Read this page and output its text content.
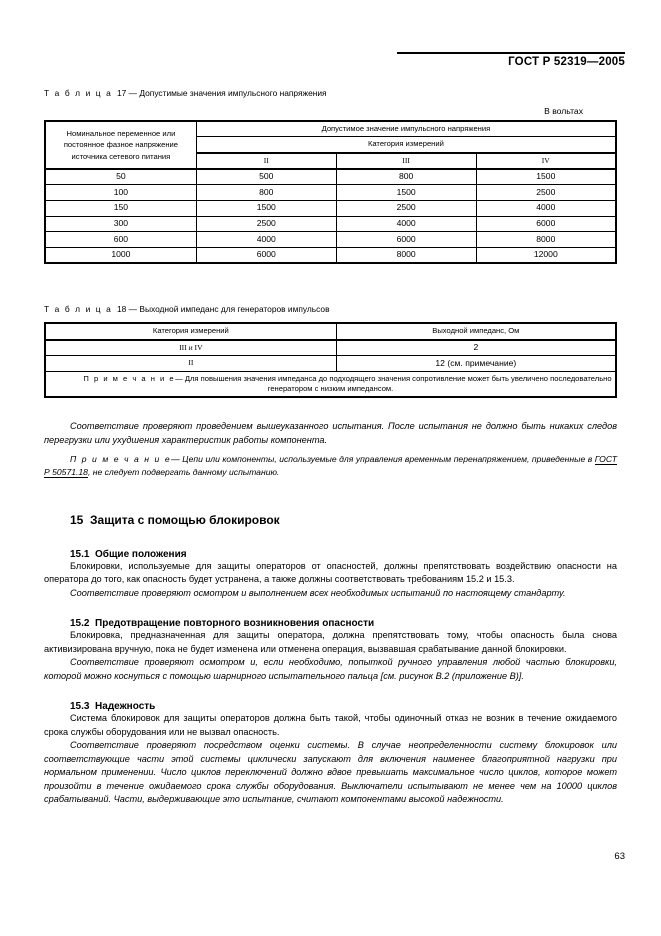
ГОСТ Р 52319—2005

Т а б л и ц а 17 — Допустимые значения импульсного напряжения

В вольтах

Номинальное переменное или постоянное фазное напряжение источника сетевого питания	Допустимое значение импульсного напряжения		
	Категория измерений		
	II	III	IV
50	500	800	1500
100	800	1500	2500
150	1500	2500	4000
300	2500	4000	6000
600	4000	6000	8000
1000	6000	8000	12000

Т а б л и ц а 18 — Выходной импеданс для генераторов импульсов

Категория измерений	Выходной импеданс, Ом
III и IV	2
II	12 (см. примечание)
П р и м е ч а н и е— Для повышения значения импеданса до подходящего значения сопротивление может быть увеличено последовательно генератором с низким импедансом.	

Соответствие проверяют проведением вышеуказанного испытания. После испытания не должно быть никаких следов перегрузки или ухудшения характеристик работы компонента.

П р и м е ч а н и е— Цепи или компоненты, используемые для управления временным перенапряжением, приведенные в ГОСТ Р 50571.18, не следует подвергать данному испытанию.

15 Защита с помощью блокировок
15.1 Общие положения

Блокировки, используемые для защиты операторов от опасностей, должны препятствовать воздействию опасности на оператора до того, как опасность будет устранена, а также должны соответствовать требованиям 15.2 и 15.3.

Соответствие проверяют осмотром и выполнением всех необходимых испытаний по настоящему стандарту.

15.2 Предотвращение повторного возникновения опасности

Блокировка, предназначенная для защиты оператора, должна препятствовать тому, чтобы опасность была снова активизирована вручную, пока не будет изменена или отменена операция, вызвавшая срабатывание данной блокировки.

Соответствие проверяют осмотром и, если необходимо, попыткой ручного управления любой частью блокировки, которой можно коснуться с помощью шарнирного испытательного пальца [см. рисунок В.2 (приложение В)].

15.3 Надежность

Система блокировок для защиты операторов должна быть такой, чтобы одиночный отказ не возник в течение ожидаемого срока службы оборудования или не вызвал опасность.

Соответствие проверяют посредством оценки системы. В случае неопределенности систему блокировок или соответствующие части этой системы циклически запускают для включения наименее благоприятной нагрузки при нормальном применении. Число циклов переключений должно вдвое превышать максимальное число циклов, которое может произойти в течение ожидаемого срока службы оборудования. Выключатели испытывают не менее чем на 10000 циклов срабатываний. Части, выдерживающие это испытание, считают компонентами высокой надежности.

63
